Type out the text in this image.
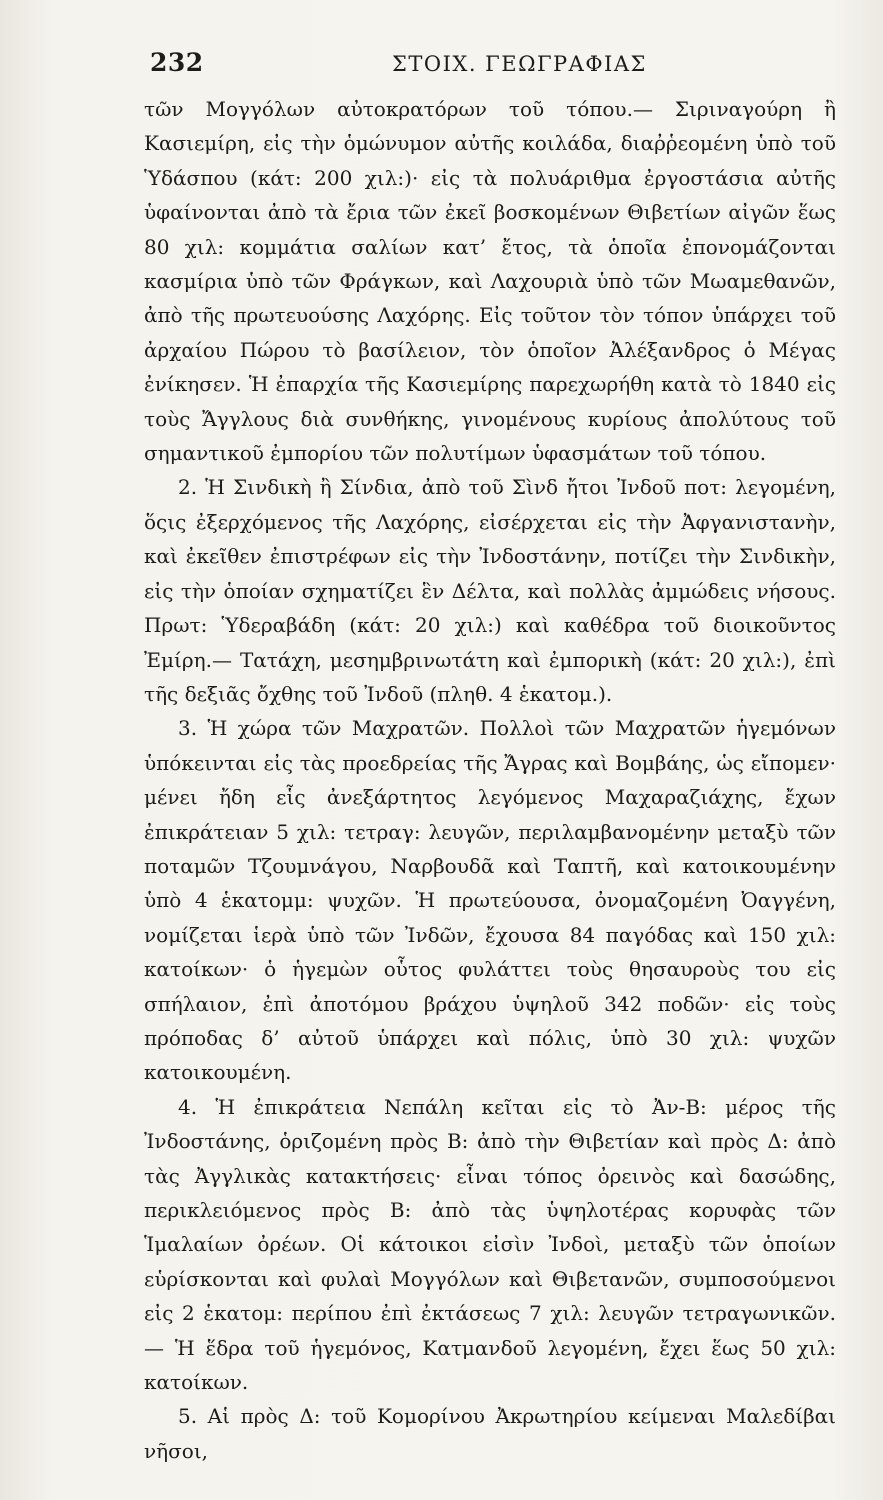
232	ΣΤΟΙΧ. ΓΕΩΓΡΑΦΙΑΣ

τῶν Μογγόλων αὐτοκρατόρων τοῦ τόπου.— Σιριναγούρη ἢ Κασιεμίρη, εἰς τὴν ὁμώνυμον αὐτῆς κοιλάδα, διαῤῥεομένη ὑπὸ τοῦ Ὑδάσπου (κάτ: 200 χιλ:)· εἰς τὰ πολυάριθμα ἐργοστάσια αὐτῆς ὑφαίνονται ἀπὸ τὰ ἔρια τῶν ἐκεῖ βοσκομένων Θιβετίων αἰγῶν ἕως 80 χιλ: κομμάτια σαλίων κατ’ ἔτος, τὰ ὁποῖα ἐπονομάζονται κασμίρια ὑπὸ τῶν Φράγκων, καὶ Λαχουριὰ ὑπὸ τῶν Μωαμεθανῶν, ἀπὸ τῆς πρωτευούσης Λαχόρης. Εἰς τοῦτον τὸν τόπον ὑπάρχει τοῦ ἀρχαίου Πώρου τὸ βασίλειον, τὸν ὁποῖον Ἀλέξανδρος ὁ Μέγας ἐνίκησεν. Ἡ ἐπαρχία τῆς Κασιεμίρης παρεχωρήθη κατὰ τὸ 1840 εἰς τοὺς Ἄγγλους διὰ συνθήκης, γινομένους κυρίους ἀπολύτους τοῦ σημαντικοῦ ἐμπορίου τῶν πολυτίμων ὑφασμάτων τοῦ τόπου.

2. Ἡ Σινδικὴ ἢ Σίνδια, ἀπὸ τοῦ Σὶνδ ἤτοι Ἰνδοῦ ποτ: λεγομένη, ὅςις ἐξερχόμενος τῆς Λαχόρης, εἰσέρχεται εἰς τὴν Ἀφγανιστανὴν, καὶ ἐκεῖθεν ἐπιστρέφων εἰς τὴν Ἰνδοστάνην, ποτίζει τὴν Σινδικὴν, εἰς τὴν ὁποίαν σχηματίζει ἓν Δέλτα, καὶ πολλὰς ἀμμώδεις νήσους. Πρωτ: Ὑδεραβάδη (κάτ: 20 χιλ:) καὶ καθέδρα τοῦ διοικοῦντος Ἐμίρη.— Τατάχη, μεσημβρινωτάτη καὶ ἐμπορικὴ (κάτ: 20 χιλ:), ἐπὶ τῆς δεξιᾶς ὄχθης τοῦ Ἰνδοῦ (πληθ. 4 ἑκατομ.).

3. Ἡ χώρα τῶν Μαχρατῶν. Πολλοὶ τῶν Μαχρατῶν ἡγεμόνων ὑπόκεινται εἰς τὰς προεδρείας τῆς Ἄγρας καὶ Βομβάης, ὡς εἴπομεν· μένει ἤδη εἷς ἀνεξάρτητος λεγόμενος Μαχαραζιάχης, ἔχων ἐπικράτειαν 5 χιλ: τετραγ: λευγῶν, περιλαμβανομένην μεταξὺ τῶν ποταμῶν Τζουμνάγου, Ναρβουδᾶ καὶ Ταπτῆ, καὶ κατοικουμένην ὑπὸ 4 ἑκατομμ: ψυχῶν. Ἡ πρωτεύουσα, ὀνομαζομένη Ὀαγγένη, νομίζεται ἱερὰ ὑπὸ τῶν Ἰνδῶν, ἔχουσα 84 παγόδας καὶ 150 χιλ: κατοίκων· ὁ ἡγεμὼν οὗτος φυλάττει τοὺς θησαυροὺς του εἰς σπήλαιον, ἐπὶ ἀποτόμου βράχου ὑψηλοῦ 342 ποδῶν· εἰς τοὺς πρόποδας δ’ αὐτοῦ ὑπάρχει καὶ πόλις, ὑπὸ 30 χιλ: ψυχῶν κατοικουμένη.

4. Ἡ ἐπικράτεια Νεπάλη κεῖται εἰς τὸ Ἀν-Β: μέρος τῆς Ἰνδοστάνης, ὁριζομένη πρὸς Β: ἀπὸ τὴν Θιβετίαν καὶ πρὸς Δ: ἀπὸ τὰς Ἀγγλικὰς κατακτήσεις· εἶναι τόπος ὀρεινὸς καὶ δασώδης, περικλειόμενος πρὸς Β: ἀπὸ τὰς ὑψηλοτέρας κορυφὰς τῶν Ἱμαλαίων ὀρέων. Οἱ κάτοικοι εἰσὶν Ἰνδοὶ, μεταξὺ τῶν ὁποίων εὑρίσκονται καὶ φυλαὶ Μογγόλων καὶ Θιβετανῶν, συμποσούμενοι εἰς 2 ἑκατομ: περίπου ἐπὶ ἐκτάσεως 7 χιλ: λευγῶν τετραγωνικῶν. — Ἡ ἕδρα τοῦ ἡγεμόνος, Κατμανδοῦ λεγομένη, ἔχει ἕως 50 χιλ: κατοίκων.

5. Αἱ πρὸς Δ: τοῦ Κομορίνου Ἀκρωτηρίου κείμεναι Μαλεδίβαι νῆσοι,
